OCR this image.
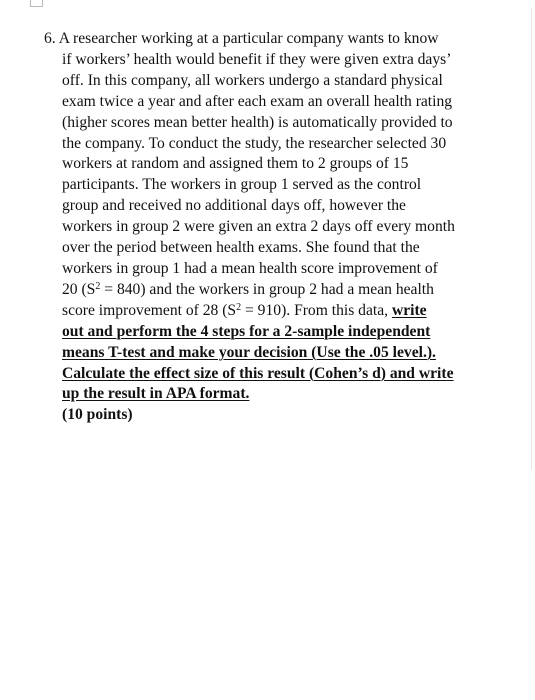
6. A researcher working at a particular company wants to know
if workers’ health would benefit if they were given extra days’
off. In this company, all workers undergo a standard physical
exam twice a year and after each exam an overall health rating
(higher scores mean better health) is automatically provided to
the company. To conduct the study, the researcher selected 30
workers at random and assigned them to 2 groups of 15
participants. The workers in group 1 served as the control
group and received no additional days off, however the
workers in group 2 were given an extra 2 days off every month
over the period between health exams. She found that the
workers in group 1 had a mean health score improvement of
20 $(S^2 = 840)$ and the workers in group 2 had a mean health
score improvement of 28 $(S^2 = 910)$. From this data, write
out and perform the 4 steps for a 2-sample independent
means T-test and make your decision (Use the .05 level.).
Calculate the effect size of this result (Cohen’s d) and write
up the result in APA format.
(10 points)
